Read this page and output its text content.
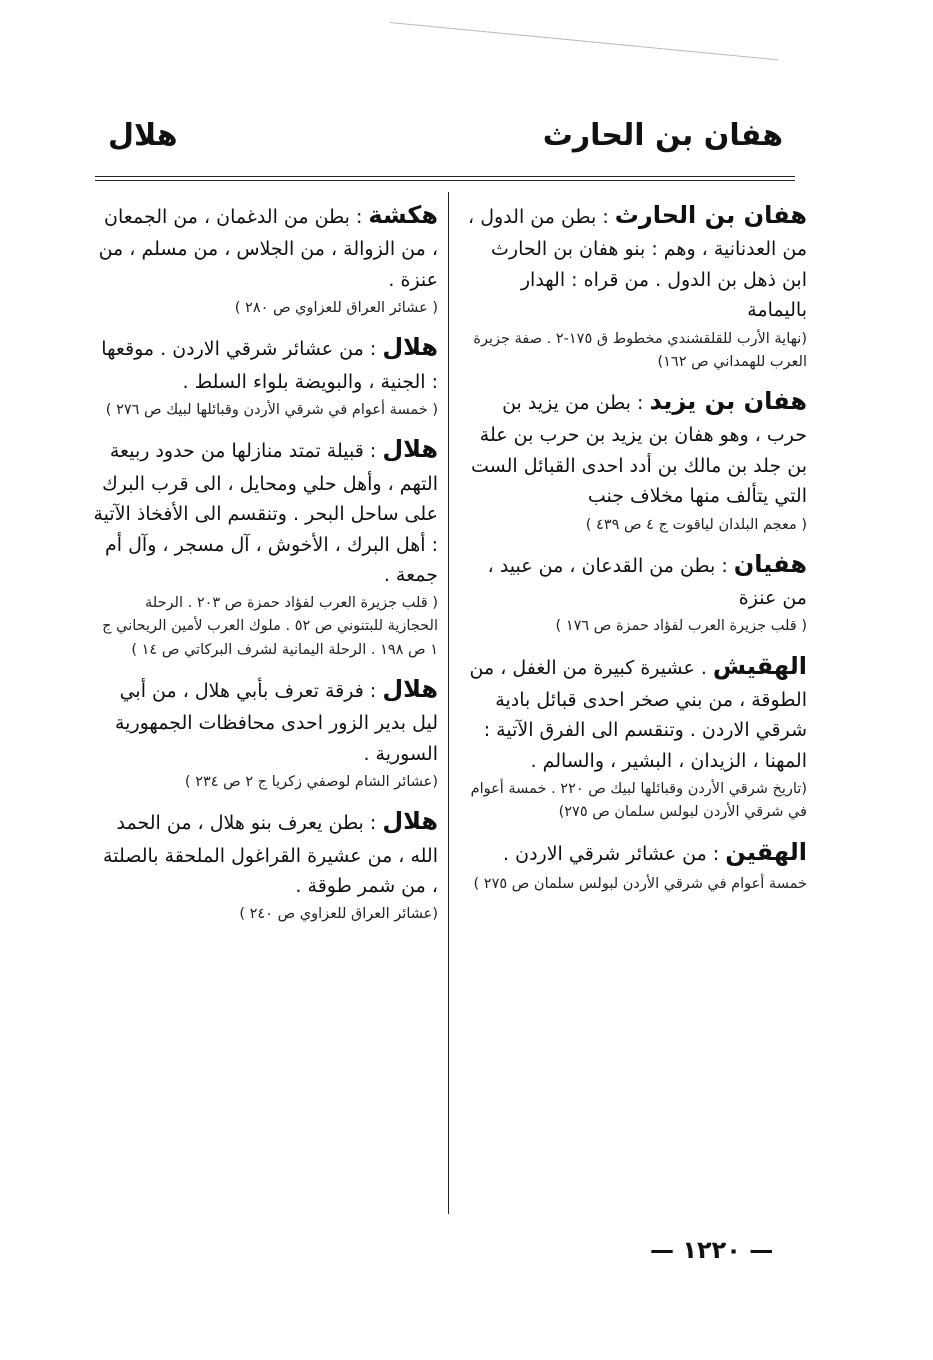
هفان بن الحارث
هلال
هفان بن الحارث : بطن من الدول ، من العدنانية ، وهم : بنو هفان بن الحارث ابن ذهل بن الدول . من قراه : الهدار باليمامة
(نهاية الأرب للقلقشندي مخطوط ق ١٧٥-٢ . صفة جزيرة العرب للهمداني ص ١٦٢)
هفان بن يزيد : بطن من يزيد بن حرب ، وهو هفان بن يزيد بن حرب بن علة بن جلد بن مالك بن أدد احدى القبائل الست التي يتألف منها مخلاف جنب
( معجم البلدان لياقوت ج ٤ ص ٤٣٩ )
هفيان : بطن من القدعان ، من عبيد ، من عنزة
( قلب جزيرة العرب لفؤاد حمزة ص ١٧٦ )
الهقيش . عشيرة كبيرة من الغفل ، من الطوقة ، من بني صخر احدى قبائل بادية شرقي الاردن . وتنقسم الى الفرق الآتية : المهنا ، الزيدان ، البشير ، والسالم .
(تاريخ شرقي الأردن وقبائلها لبيك ص ٢٢٠ . خمسة أعوام في شرقي الأردن لبولس سلمان ص ٢٧٥)
الهقين : من عشائر شرقي الاردن .
خمسة أعوام في شرقي الأردن لبولس سلمان ص ٢٧٥ )
هكشة : بطن من الدغمان ، من الجمعان ، من الزوالة ، من الجلاس ، من مسلم ، من عنزة .
( عشائر العراق للعزاوي ص ٢٨٠ )
هلال : من عشائر شرقي الاردن . موقعها : الجنية ، والبويضة بلواء السلط .
( خمسة أعوام في شرقي الأردن وقبائلها لبيك ص ٢٧٦ )
هلال : قبيلة تمتد منازلها من حدود ربيعة التهم ، وأهل حلي ومحايل ، الى قرب البرك على ساحل البحر . وتنقسم الى الأفخاذ الآتية : أهل البرك ، الأخوش ، آل مسجر ، وآل أم جمعة .
( قلب جزيرة العرب لفؤاد حمزة ص ٢٠٣ . الرحلة الحجازية للبتنوني ص ٥٢ . ملوك العرب لأمين الريحاني ج ١ ص ١٩٨ . الرحلة اليمانية لشرف البركاتي ص ١٤ )
هلال : فرقة تعرف بأبي هلال ، من أبي ليل بدير الزور احدى محافظات الجمهورية السورية .
(عشائر الشام لوصفي زكريا ج ٢ ص ٢٣٤ )
هلال : بطن يعرف بنو هلال ، من الحمد الله ، من عشيرة القراغول الملحقة بالصلتة ، من شمر طوقة .
(عشائر العراق للعزاوي ص ٢٤٠ )
— ١٢٢٠ —
